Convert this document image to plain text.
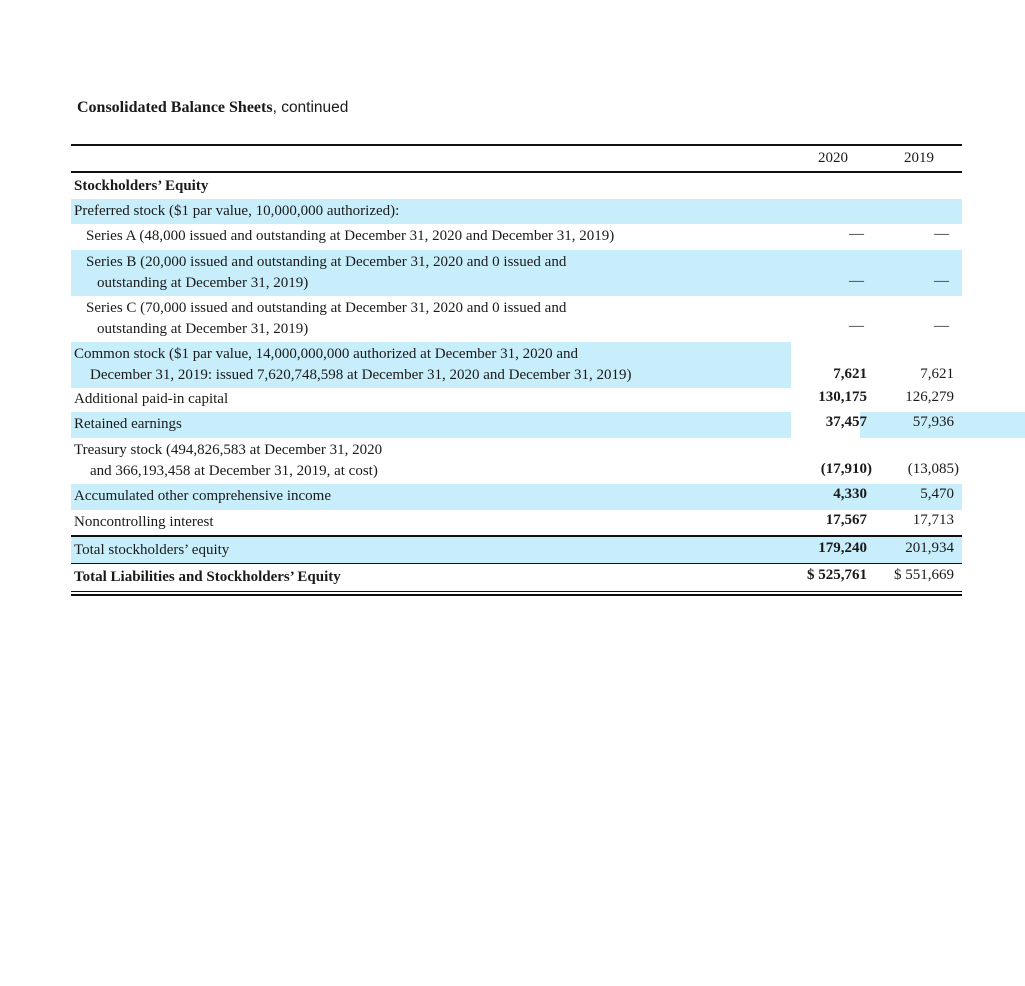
Consolidated Balance Sheets, continued
2020	2019
Stockholders’ Equity
Preferred stock ($1 par value, 10,000,000 authorized):
Series A (48,000 issued and outstanding at December 31, 2020 and December 31, 2019)	—	—
Series B (20,000 issued and outstanding at December 31, 2020 and 0 issued and
outstanding at December 31, 2019)	—	—
Series C (70,000 issued and outstanding at December 31, 2020 and 0 issued and
outstanding at December 31, 2019)	—	—
Common stock ($1 par value, 14,000,000,000 authorized at December 31, 2020 and
December 31, 2019: issued 7,620,748,598 at December 31, 2020 and December 31, 2019)	7,621	7,621
Additional paid-in capital	130,175	126,279
Retained earnings	37,457	57,936
Treasury stock (494,826,583 at December 31, 2020
and 366,193,458 at December 31, 2019, at cost)	(17,910) (13,085)
Accumulated other comprehensive income	4,330	5,470
Noncontrolling interest	17,567	17,713
Total stockholders’ equity	179,240	201,934
Total Liabilities and Stockholders’ Equity	$ 525,761 $ 551,669
